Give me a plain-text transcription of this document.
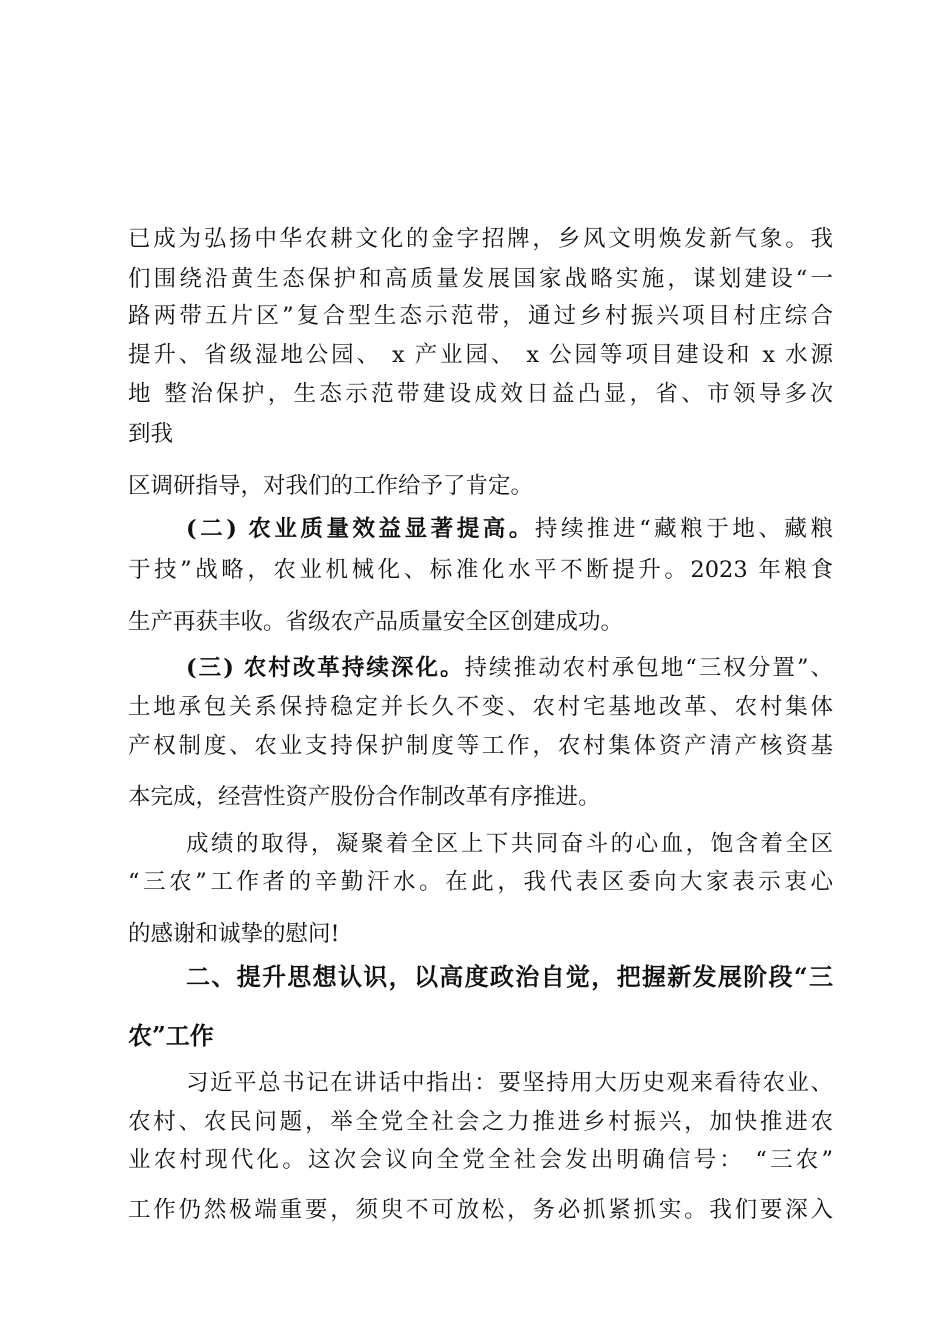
已成为弘扬中华农耕文化的金字招牌，乡风文明焕发新气象。我
们围绕沿黄生态保护和高质量发展国家战略实施，谋划建设“一
路两带五片区”复合型生态示范带，通过乡村振兴项目村庄综合
提升、省级湿地公园、 x 产业园、 x 公园等项目建设和 x 水源
地 整治保护，生态示范带建设成效日益凸显，省、市领导多次
到我
区调研指导，对我们的工作给予了肯定。
(二) 农业质量效益显著提高。持续推进“藏粮于地、藏粮
于技”战略，农业机械化、标准化水平不断提升。2023 年粮食
生产再获丰收。省级农产品质量安全区创建成功。
(三) 农村改革持续深化。持续推动农村承包地“三权分置”、
土地承包关系保持稳定并长久不变、农村宅基地改革、农村集体
产权制度、农业支持保护制度等工作，农村集体资产清产核资基
本完成，经营性资产股份合作制改革有序推进。
成绩的取得，凝聚着全区上下共同奋斗的心血，饱含着全区
“三农”工作者的辛勤汗水。在此，我代表区委向大家表示衷心
的感谢和诚挚的慰问!
二、提升思想认识，以高度政治自觉，把握新发展阶段“三
农”工作
习近平总书记在讲话中指出：要坚持用大历史观来看待农业、
农村、农民问题，举全党全社会之力推进乡村振兴，加快推进农
业农村现代化。这次会议向全党全社会发出明确信号： “三农”
工作仍然极端重要，须臾不可放松，务必抓紧抓实。我们要深入
